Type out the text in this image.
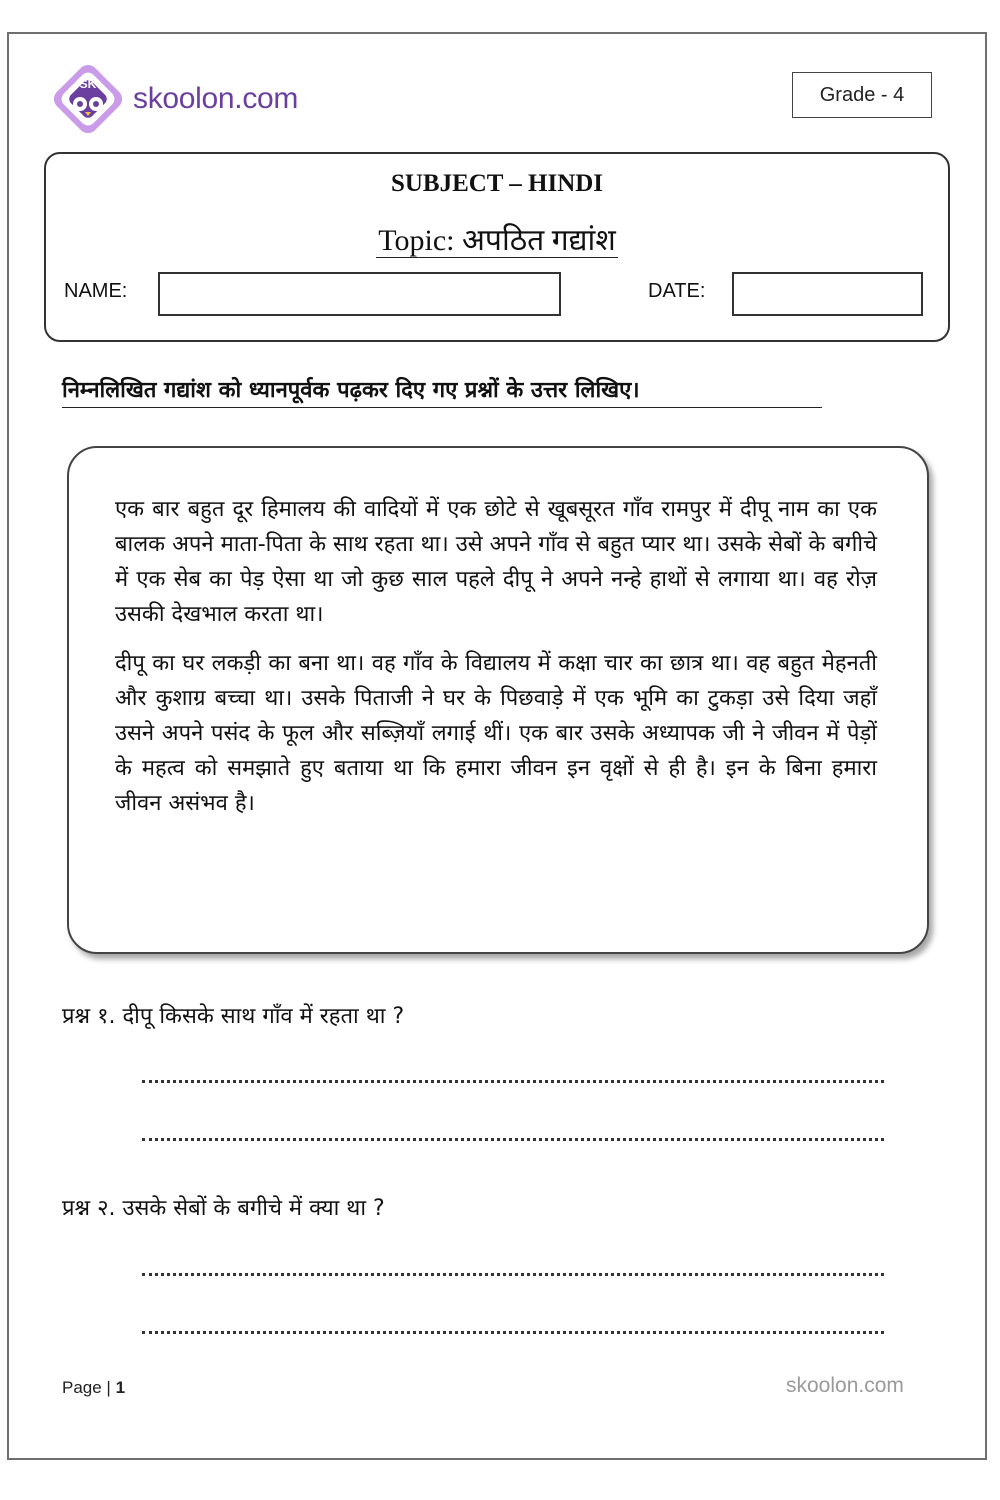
SK skoolon.com	Grade - 4
SUBJECT – HINDI
Topic: अपठित गद्यांश
NAME:	DATE:
निम्नलिखित गद्यांश को ध्यानपूर्वक पढ़कर दिए गए प्रश्नों के उत्तर लिखिए।

एक बार बहुत दूर हिमालय की वादियों में एक छोटे से खूबसूरत गाँव रामपुर में दीपू नाम का एक बालक अपने माता-पिता के साथ रहता था। उसे अपने गाँव से बहुत प्यार था। उसके सेबों के बगीचे में एक सेब का पेड़ ऐसा था जो कुछ साल पहले दीपू ने अपने नन्हे हाथों से लगाया था। वह रोज़ उसकी देखभाल करता था।

दीपू का घर लकड़ी का बना था। वह गाँव के विद्यालय में कक्षा चार का छात्र था। वह बहुत मेहनती और कुशाग्र बच्चा था। उसके पिताजी ने घर के पिछवाड़े में एक भूमि का टुकड़ा उसे दिया जहाँ उसने अपने पसंद के फूल और सब्ज़ियाँ लगाई थीं। एक बार उसके अध्यापक जी ने जीवन में पेड़ों के महत्व को समझाते हुए बताया था कि हमारा जीवन इन वृक्षों से ही है। इन के बिना हमारा जीवन असंभव है।

प्रश्न १. दीपू किसके साथ गाँव में रहता था ?
प्रश्न २. उसके सेबों के बगीचे में क्या था ?
Page | 1	skoolon.com
